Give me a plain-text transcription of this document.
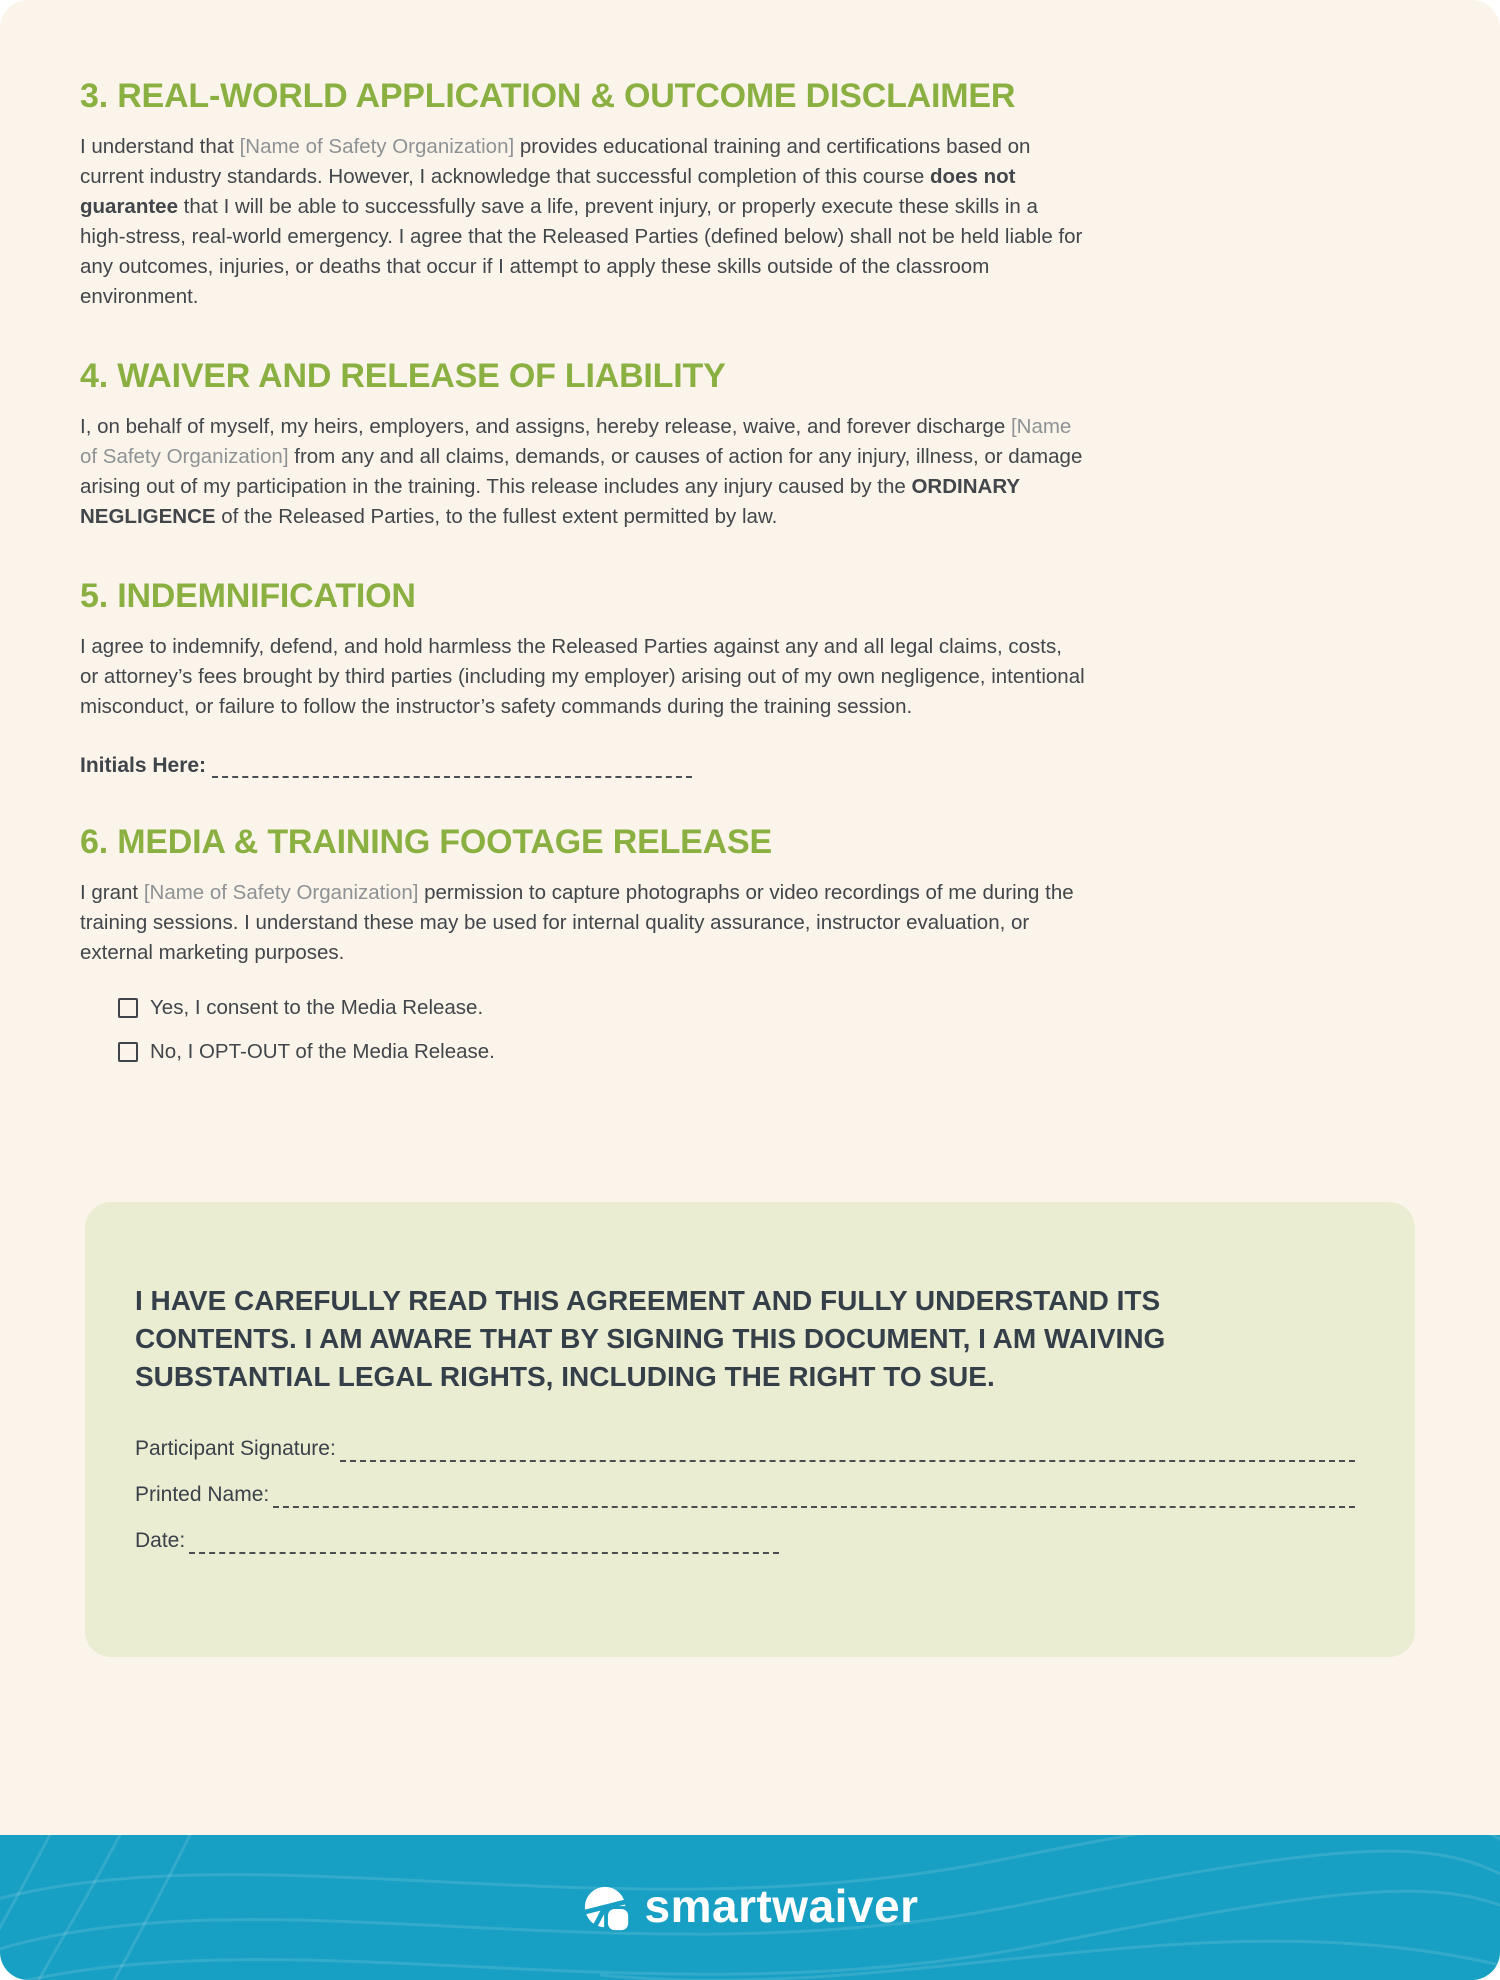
3. REAL-WORLD APPLICATION & OUTCOME DISCLAIMER

I understand that [Name of Safety Organization] provides educational training and certifications based on current industry standards. However, I acknowledge that successful completion of this course does not guarantee that I will be able to successfully save a life, prevent injury, or properly execute these skills in a high-stress, real-world emergency. I agree that the Released Parties (defined below) shall not be held liable for any outcomes, injuries, or deaths that occur if I attempt to apply these skills outside of the classroom environment.

4. WAIVER AND RELEASE OF LIABILITY

I, on behalf of myself, my heirs, employers, and assigns, hereby release, waive, and forever discharge [Name of Safety Organization] from any and all claims, demands, or causes of action for any injury, illness, or damage arising out of my participation in the training. This release includes any injury caused by the ORDINARY NEGLIGENCE of the Released Parties, to the fullest extent permitted by law.

5. INDEMNIFICATION

I agree to indemnify, defend, and hold harmless the Released Parties against any and all legal claims, costs, or attorney’s fees brought by third parties (including my employer) arising out of my own negligence, intentional misconduct, or failure to follow the instructor’s safety commands during the training session.

Initials Here:
6. MEDIA & TRAINING FOOTAGE RELEASE

I grant [Name of Safety Organization] permission to capture photographs or video recordings of me during the training sessions. I understand these may be used for internal quality assurance, instructor evaluation, or external marketing purposes.

Yes, I consent to the Media Release.
No, I OPT-OUT of the Media Release.

I HAVE CAREFULLY READ THIS AGREEMENT AND FULLY UNDERSTAND ITS CONTENTS. I AM AWARE THAT BY SIGNING THIS DOCUMENT, I AM WAIVING SUBSTANTIAL LEGAL RIGHTS, INCLUDING THE RIGHT TO SUE.

Participant Signature:
Printed Name:
Date:
smartwaiver
